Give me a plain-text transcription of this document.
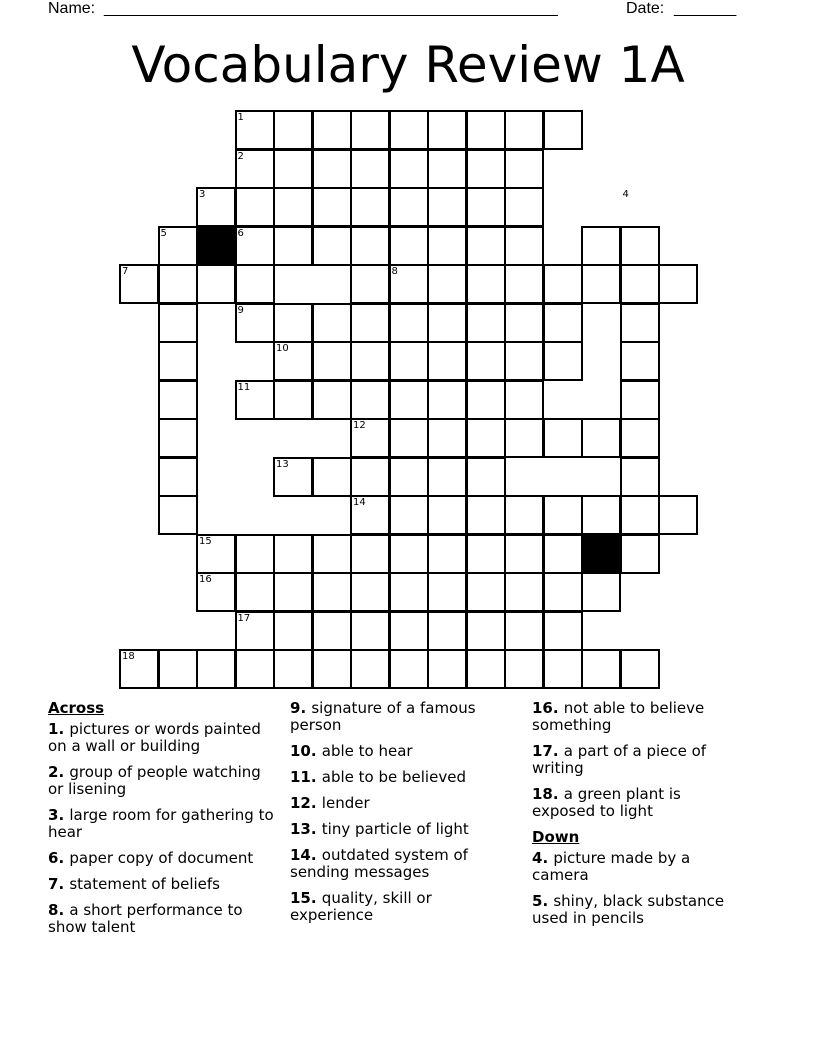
Name: ___________________________________________________	Date: _______
Vocabulary Review 1A
1
2
3	4
5	6
7	8
9
10
11
12
13
14
15
16
17
18
Across
1. pictures or words painted on a wall or building
2. group of people watching or lisening
3. large room for gathering to hear
6. paper copy of document
7. statement of beliefs
8. a short performance to show talent
9. signature of a famous person
10. able to hear
11. able to be believed
12. lender
13. tiny particle of light
14. outdated system of sending messages
15. quality, skill or experience
16. not able to believe something
17. a part of a piece of writing
18. a green plant is exposed to light
Down
4. picture made by a camera
5. shiny, black substance used in pencils
